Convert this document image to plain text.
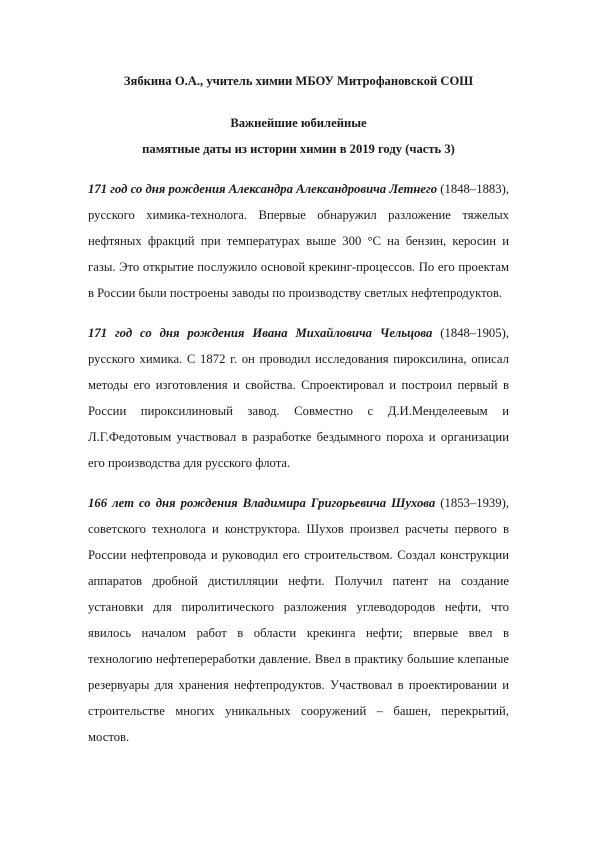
Зябкина О.А., учитель химии МБОУ Митрофановской СОШ
Важнейшие юбилейные
памятные даты из истории химии в 2019 году (часть 3)

171 год со дня рождения Александра Александровича Летнего (1848–1883), русского химика-технолога. Впервые обнаружил разложение тяжелых нефтяных фракций при температурах выше 300 °С на бензин, керосин и газы. Это открытие послужило основой крекинг-процессов. По его проектам в России были построены заводы по производству светлых нефтепродуктов.

171 год со дня рождения Ивана Михайловича Чельцова (1848–1905), русского химика. С 1872 г. он проводил исследования пироксилина, описал методы его изготовления и свойства. Спроектировал и построил первый в России пироксилиновый завод. Совместно с Д.И.Менделеевым и Л.Г.Федотовым участвовал в разработке бездымного пороха и организации его производства для русского флота.

166 лет со дня рождения Владимира Григорьевича Шухова (1853–1939), советского технолога и конструктора. Шухов произвел расчеты первого в России нефтепровода и руководил его строительством. Создал конструкции аппаратов дробной дистилляции нефти. Получил патент на создание установки для пиролитического разложения углеводородов нефти, что явилось началом работ в области крекинга нефти; впервые ввел в технологию нефтепереработки давление. Ввел в практику большие клепаные резервуары для хранения нефтепродуктов. Участвовал в проектировании и строительстве многих уникальных сооружений – башен, перекрытий, мостов.
